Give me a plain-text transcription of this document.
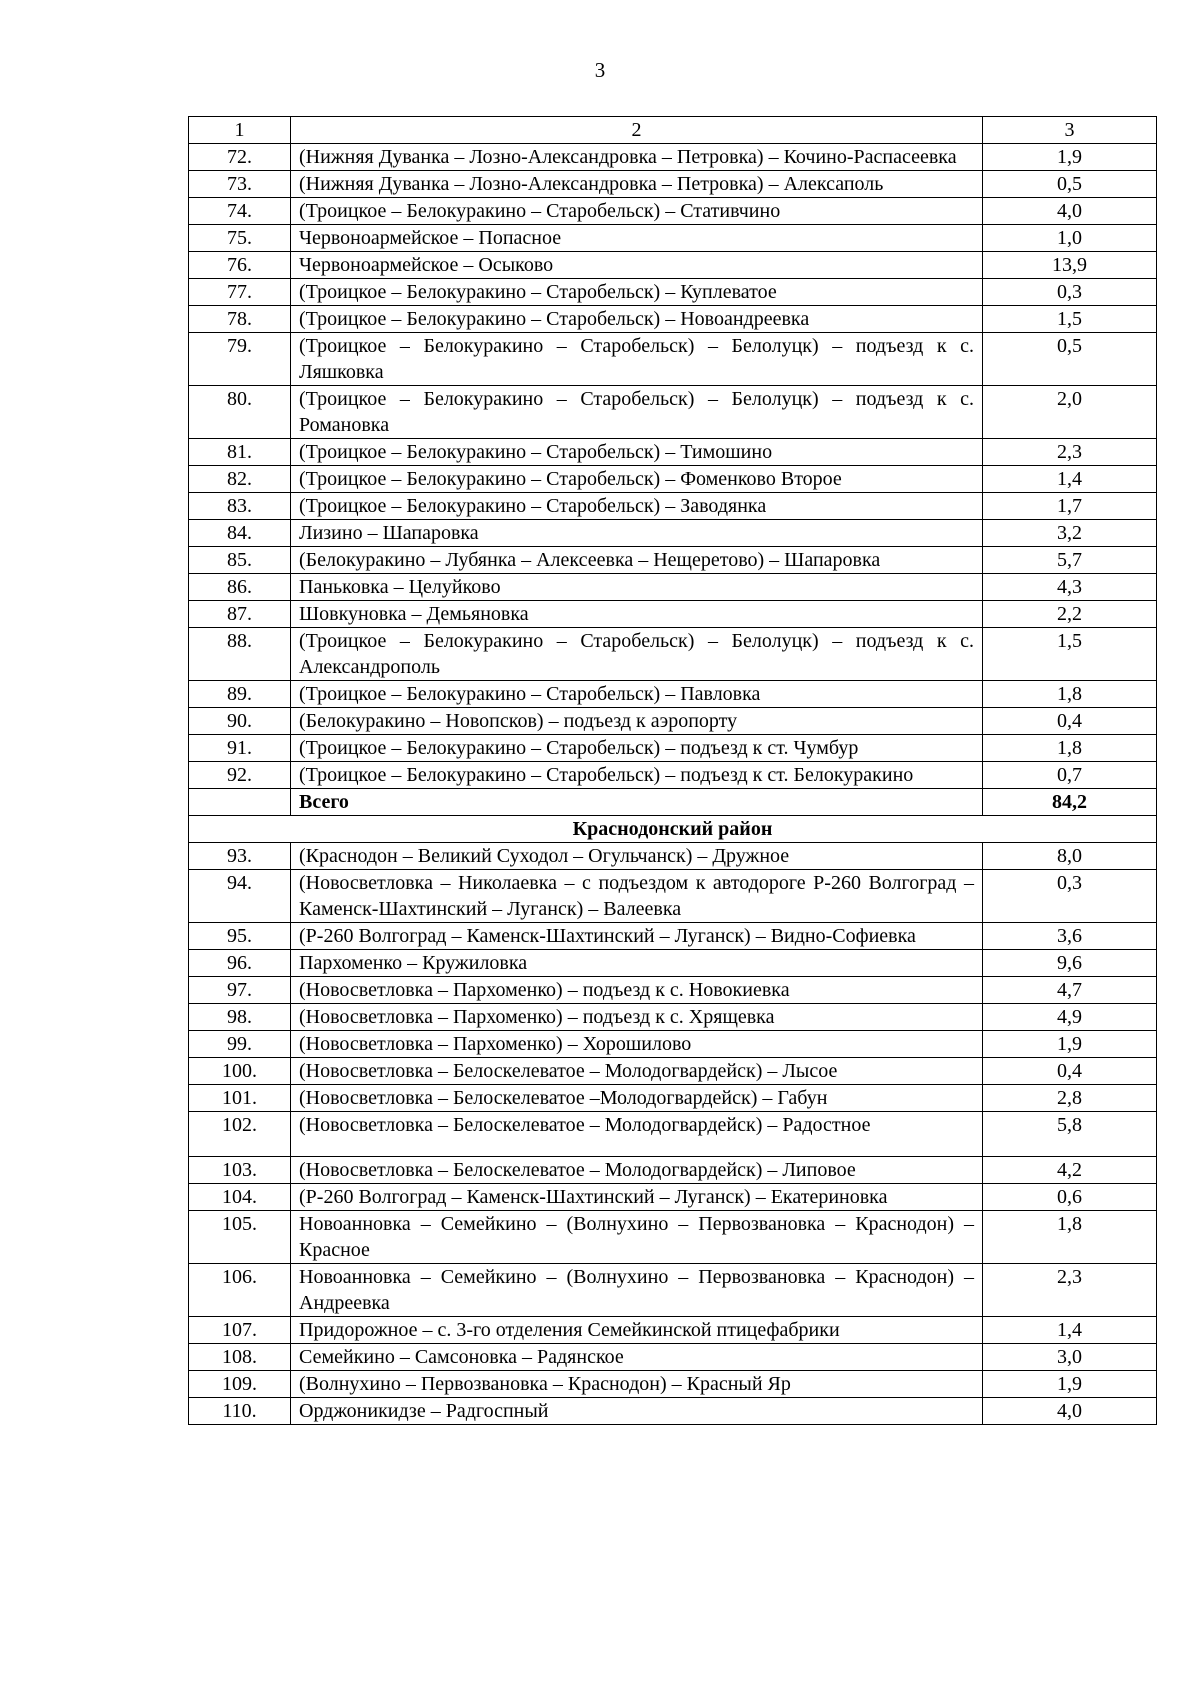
3
1	2	3
72.	(Нижняя Дуванка – Лозно-Александровка – Петровка) – Кочино-Распасеевка	1,9
73.	(Нижняя Дуванка – Лозно-Александровка – Петровка) – Алексаполь	0,5
74.	(Троицкое – Белокуракино – Старобельск) – Стативчино	4,0
75.	Червоноармейское – Попасное	1,0
76.	Червоноармейское – Осыково	13,9
77.	(Троицкое – Белокуракино – Старобельск) – Куплеватое	0,3
78.	(Троицкое – Белокуракино – Старобельск) – Новоандреевка	1,5
79.	(Троицкое – Белокуракино – Старобельск) – Белолуцк) – подъезд к с. Ляшковка	0,5
80.	(Троицкое – Белокуракино – Старобельск) – Белолуцк) – подъезд к с. Романовка	2,0
81.	(Троицкое – Белокуракино – Старобельск) – Тимошино	2,3
82.	(Троицкое – Белокуракино – Старобельск) – Фоменково Второе	1,4
83.	(Троицкое – Белокуракино – Старобельск) – Заводянка	1,7
84.	Лизино – Шапаровка	3,2
85.	(Белокуракино – Лубянка – Алексеевка – Нещеретово) – Шапаровка	5,7
86.	Паньковка – Целуйково	4,3
87.	Шовкуновка – Демьяновка	2,2
88.	(Троицкое – Белокуракино – Старобельск) – Белолуцк) – подъезд к с. Александрополь	1,5
89.	(Троицкое – Белокуракино – Старобельск) – Павловка	1,8
90.	(Белокуракино – Новопсков) – подъезд к аэропорту	0,4
91.	(Троицкое – Белокуракино – Старобельск) – подъезд к ст. Чумбур	1,8
92.	(Троицкое – Белокуракино – Старобельск) – подъезд к ст. Белокуракино	0,7
	Всего	84,2
Краснодонский район		
93.	(Краснодон – Великий Суходол – Огульчанск) – Дружное	8,0
94.	(Новосветловка – Николаевка – с подъездом к автодороге Р-260 Волгоград – Каменск-Шахтинский – Луганск) – Валеевка	0,3
95.	(Р-260 Волгоград – Каменск-Шахтинский – Луганск) – Видно-Софиевка	3,6
96.	Пархоменко – Кружиловка	9,6
97.	(Новосветловка – Пархоменко) – подъезд к с. Новокиевка	4,7
98.	(Новосветловка – Пархоменко) – подъезд к с. Хрящевка	4,9
99.	(Новосветловка – Пархоменко) – Хорошилово	1,9
100.	(Новосветловка – Белоскелеватое – Молодогвардейск) – Лысое	0,4
101.	(Новосветловка – Белоскелеватое –Молодогвардейск) – Габун	2,8
102.	(Новосветловка – Белоскелеватое – Молодогвардейск) – Радостное	5,8
103.	(Новосветловка – Белоскелеватое – Молодогвардейск) – Липовое	4,2
104.	(Р-260 Волгоград – Каменск-Шахтинский – Луганск) – Екатериновка	0,6
105.	Новоанновка – Семейкино – (Волнухино – Первозвановка – Краснодон) – Красное	1,8
106.	Новоанновка – Семейкино – (Волнухино – Первозвановка – Краснодон) – Андреевка	2,3
107.	Придорожное – с. 3-го отделения Семейкинской птицефабрики	1,4
108.	Семейкино – Самсоновка – Радянское	3,0
109.	(Волнухино – Первозвановка – Краснодон) – Красный Яр	1,9
110.	Орджоникидзе – Радгоспный	4,0
